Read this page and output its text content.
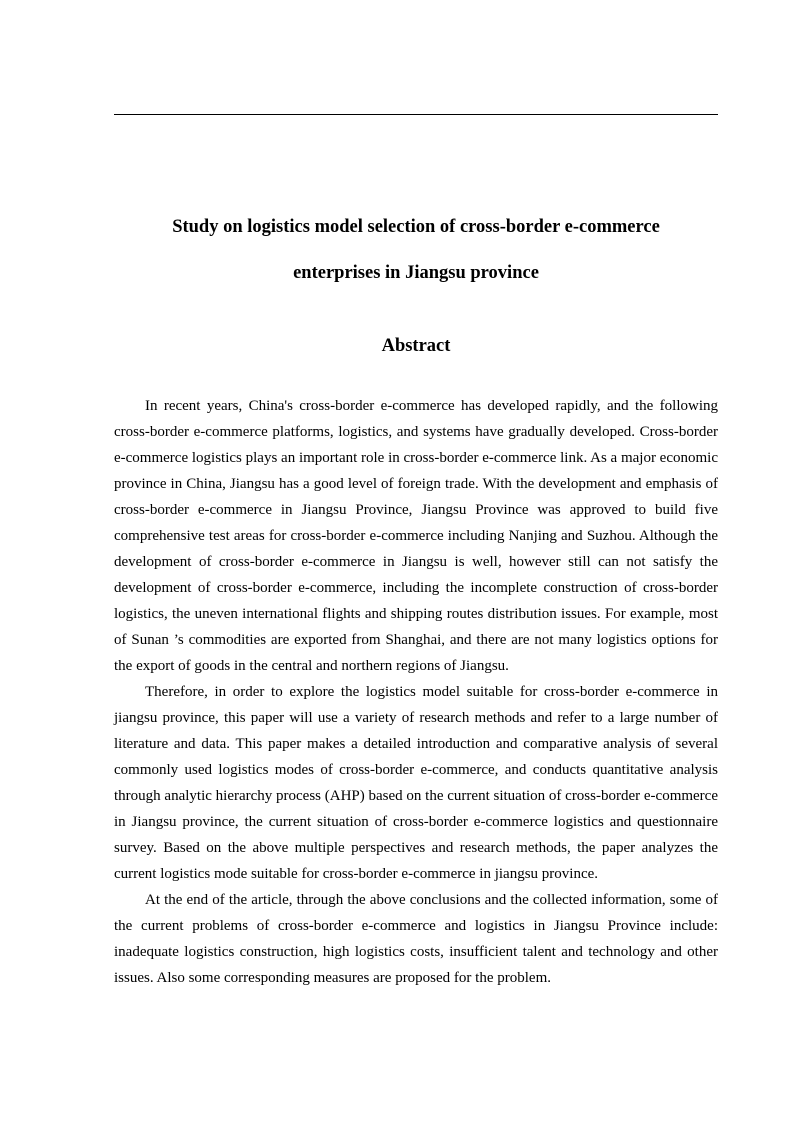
Study on logistics model selection of cross-border e-commerce
enterprises in Jiangsu province
Abstract

In recent years, China's cross-border e-commerce has developed rapidly, and the following cross-border e-commerce platforms, logistics, and systems have gradually developed. Cross-border e-commerce logistics plays an important role in cross-border e-commerce link. As a major economic province in China, Jiangsu has a good level of foreign trade. With the development and emphasis of cross-border e-commerce in Jiangsu Province, Jiangsu Province was approved to build five comprehensive test areas for cross-border e-commerce including Nanjing and Suzhou. Although the development of cross-border e-commerce in Jiangsu is well, however still can not satisfy the development of cross-border e-commerce, including the incomplete construction of cross-border logistics, the uneven international flights and shipping routes distribution issues. For example, most of Sunan ’s commodities are exported from Shanghai, and there are not many logistics options for the export of goods in the central and northern regions of Jiangsu.

Therefore, in order to explore the logistics model suitable for cross-border e-commerce in jiangsu province, this paper will use a variety of research methods and refer to a large number of literature and data. This paper makes a detailed introduction and comparative analysis of several commonly used logistics modes of cross-border e-commerce, and conducts quantitative analysis through analytic hierarchy process (AHP) based on the current situation of cross-border e-commerce in Jiangsu province, the current situation of cross-border e-commerce logistics and questionnaire survey. Based on the above multiple perspectives and research methods, the paper analyzes the current logistics mode suitable for cross-border e-commerce in jiangsu province.

At the end of the article, through the above conclusions and the collected information, some of the current problems of cross-border e-commerce and logistics in Jiangsu Province include: inadequate logistics construction, high logistics costs, insufficient talent and technology and other issues. Also some corresponding measures are proposed for the problem.
